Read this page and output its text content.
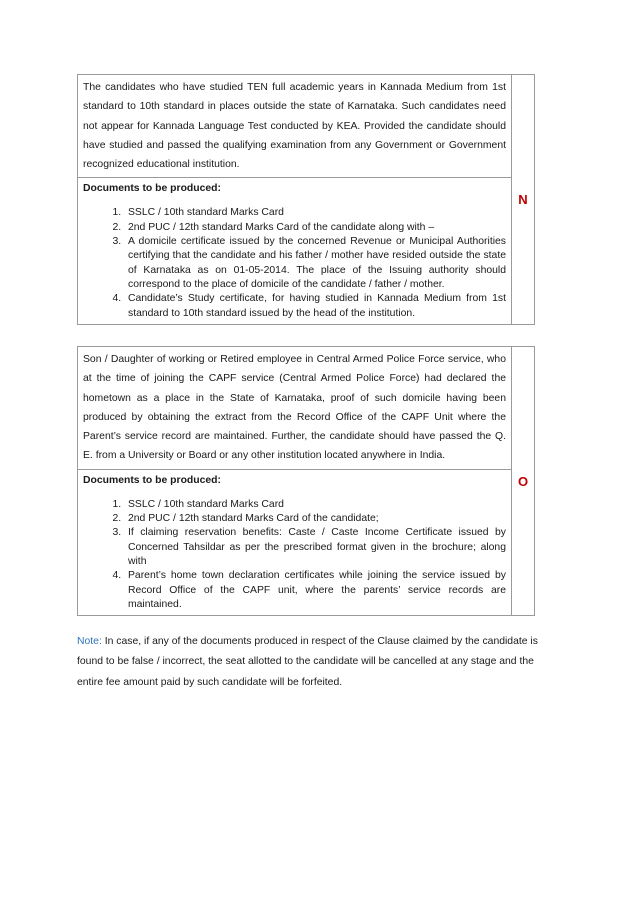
The candidates who have studied TEN full academic years in Kannada Medium from 1st standard to 10th standard in places outside the state of Karnataka. Such candidates need not appear for Kannada Language Test conducted by KEA. Provided the candidate should have studied and passed the qualifying examination from any Government or Government recognized educational institution.	N

Documents to be produced:

1. SSLC / 10th standard Marks Card
2. 2nd PUC / 12th standard Marks Card of the candidate along with –
3. A domicile certificate issued by the concerned Revenue or Municipal Authorities certifying that the candidate and his father / mother have resided outside the state of Karnataka as on 01-05-2014. The place of the Issuing authority should correspond to the place of domicile of the candidate / father / mother.
4. Candidate’s Study certificate, for having studied in Kannada Medium from 1st standard to 10th standard issued by the head of the institution.
Son / Daughter of working or Retired employee in Central Armed Police Force service, who at the time of joining the CAPF service (Central Armed Police Force) had declared the hometown as a place in the State of Karnataka, proof of such domicile having been produced by obtaining the extract from the Record Office of the CAPF Unit where the Parent’s service record are maintained. Further, the candidate should have passed the Q. E. from a University or Board or any other institution located anywhere in India.	O

Documents to be produced:

1. SSLC / 10th standard Marks Card
2. 2nd PUC / 12th standard Marks Card of the candidate;
3. If claiming reservation benefits: Caste / Caste Income Certificate issued by Concerned Tahsildar as per the prescribed format given in the brochure; along with
4. Parent’s home town declaration certificates while joining the service issued by Record Office of the CAPF unit, where the parents’ service records are maintained.

Note: In case, if any of the documents produced in respect of the Clause claimed by the candidate is found to be false / incorrect, the seat allotted to the candidate will be cancelled at any stage and the entire fee amount paid by such candidate will be forfeited.
